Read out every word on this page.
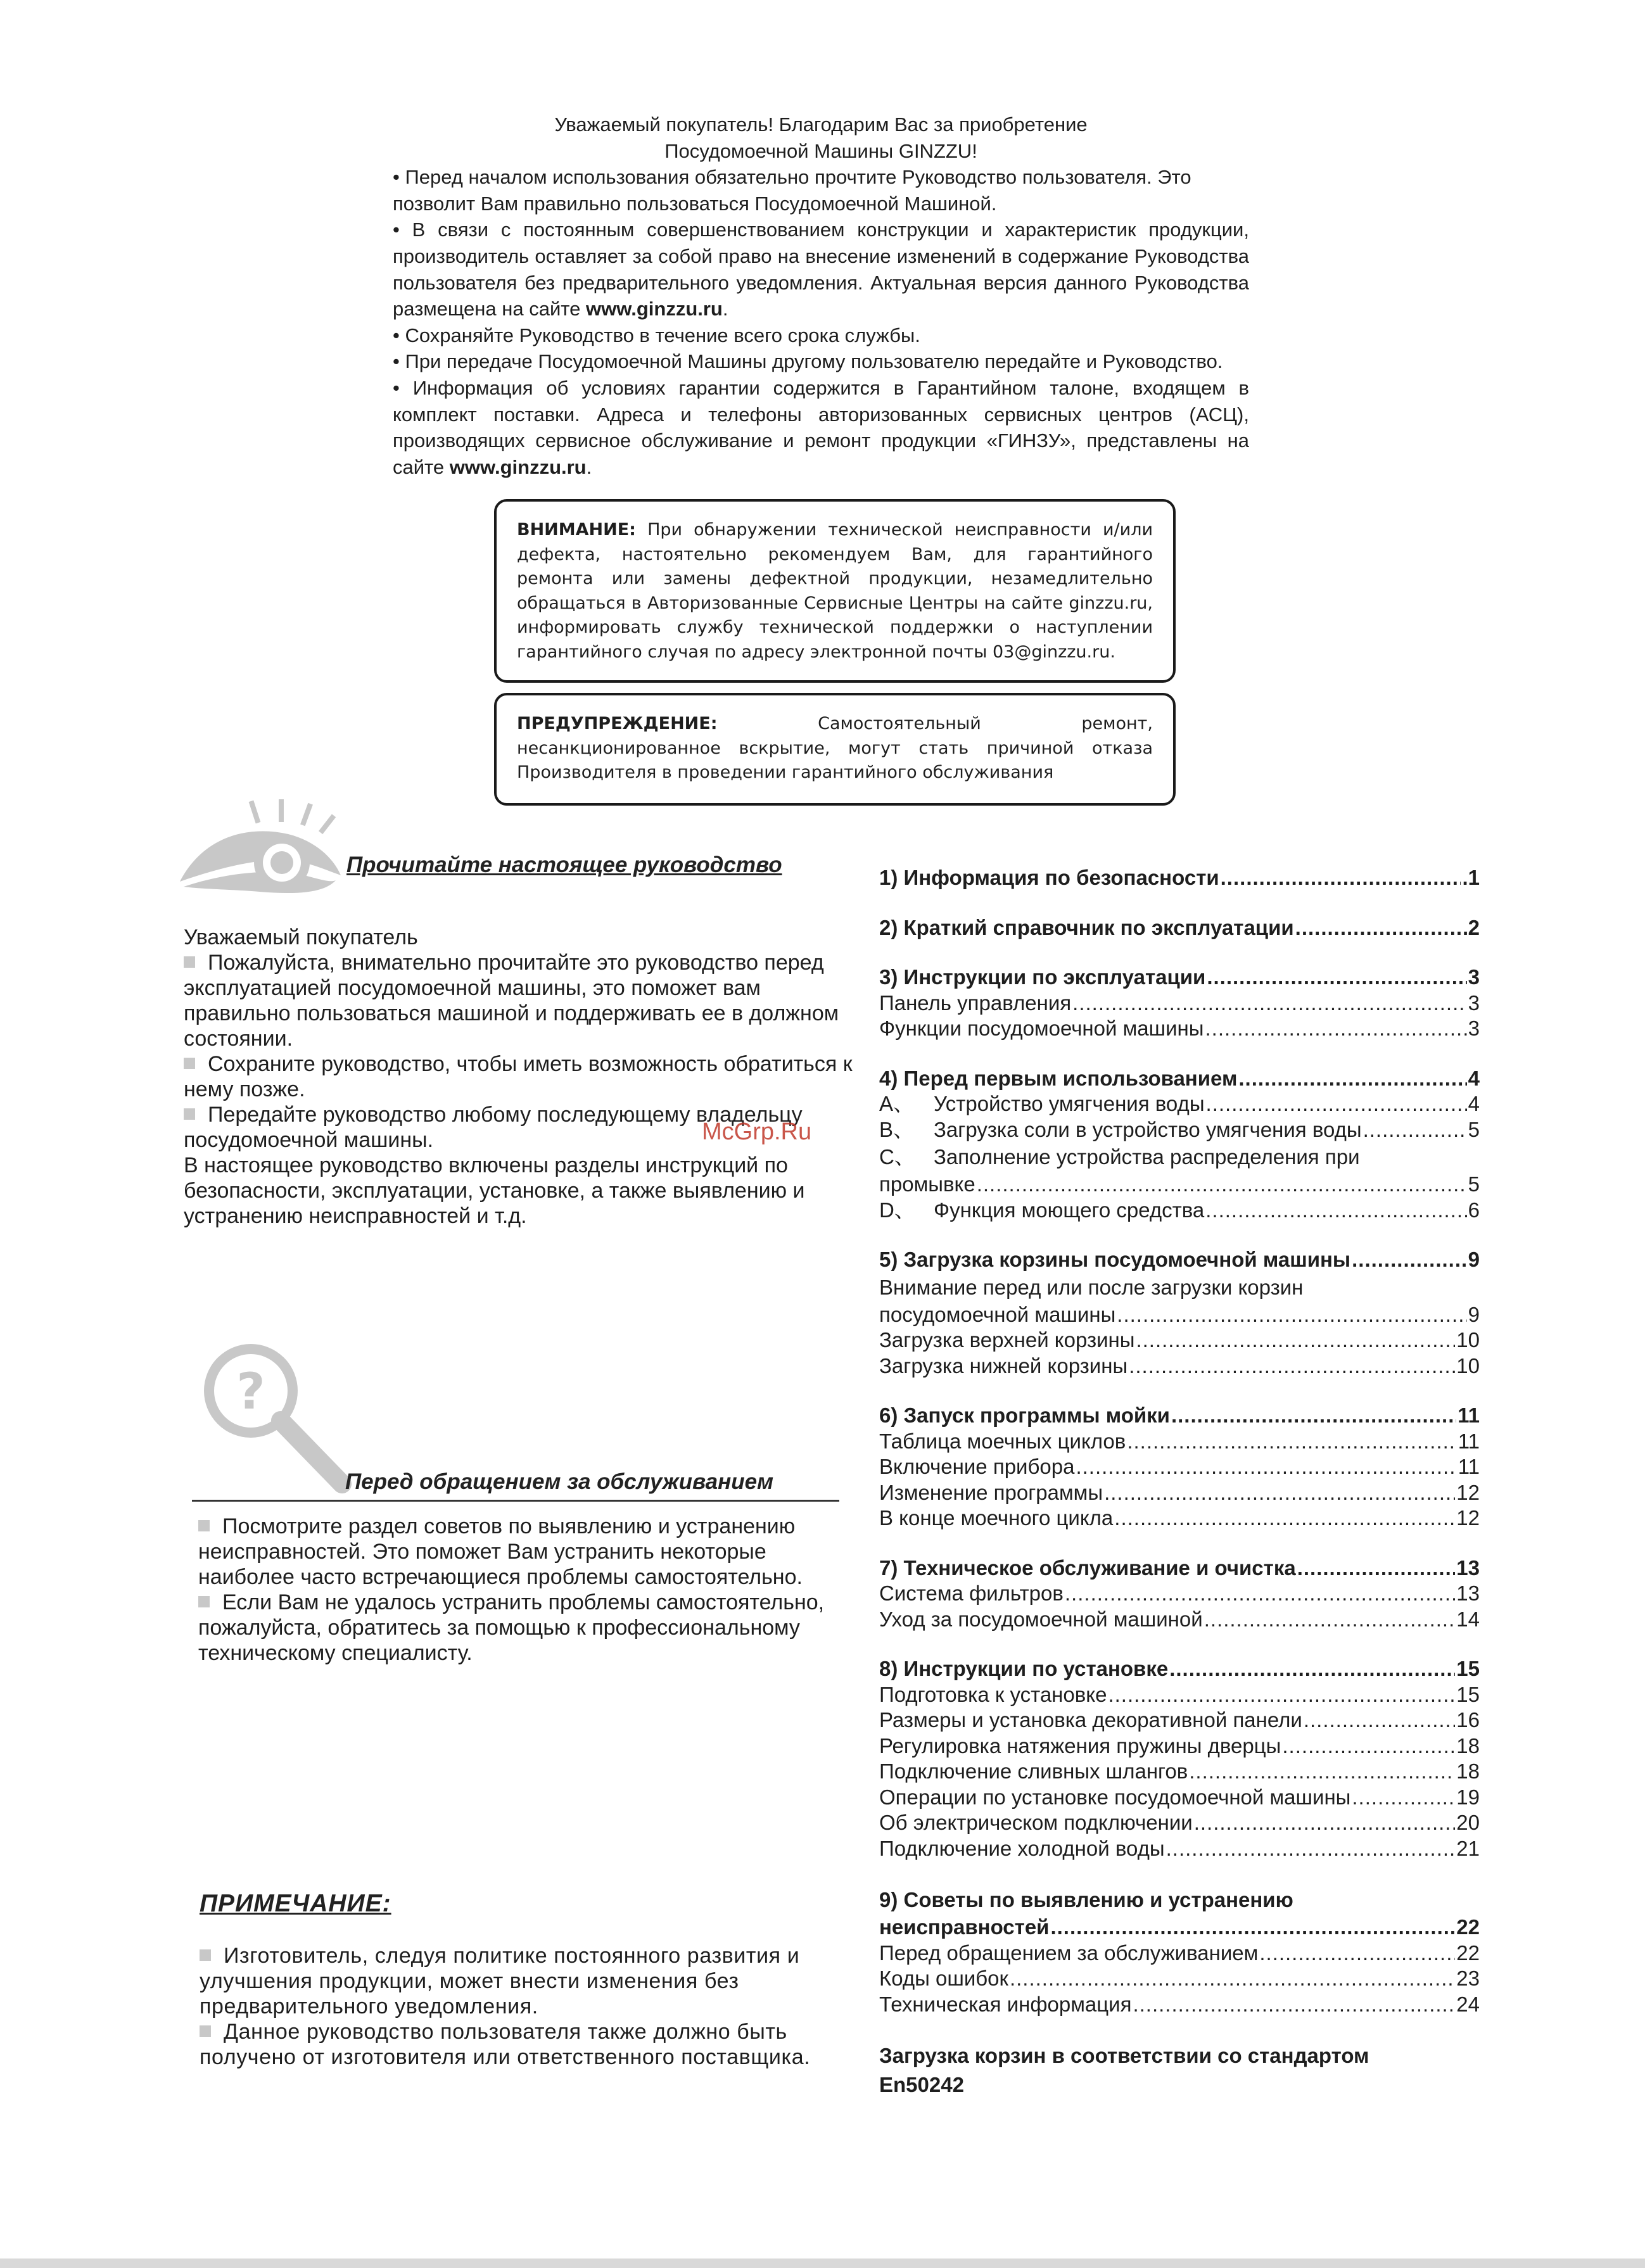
Уважаемый покупатель! Благодарим Вас за приобретение

Посудомоечной Машины GINZZU!

• Перед началом использования обязательно прочтите Руководство пользователя. Это позволит Вам правильно пользоваться Посудомоечной Машиной.

• В связи с постоянным совершенствованием конструкции и характеристик продукции, производитель оставляет за собой право на внесение изменений в содержание Руководства пользователя без предварительного уведомления. Актуальная версия данного Руководства размещена на сайте www.ginzzu.ru.

• Сохраняйте Руководство в течение всего срока службы.

• При передаче Посудомоечной Машины другому пользователю передайте и Руководство.

• Информация об условиях гарантии содержится в Гарантийном талоне, входящем в комплект поставки. Адреса и телефоны авторизованных сервисных центров (АСЦ), производящих сервисное обслуживание и ремонт продукции «ГИНЗУ», представлены на сайте www.ginzzu.ru.

ВНИМАНИЕ: При обнаружении технической неисправности и/или дефекта, настоятельно рекомендуем Вам, для гарантийного ремонта или замены дефектной продукции, незамедлительно обращаться в Авторизованные Сервисные Центры на сайте ginzzu.ru, информировать службу технической поддержки о наступлении гарантийного случая по адресу электронной почты 03@ginzzu.ru.

ПРЕДУПРЕЖДЕНИЕ:	Самостоятельный ремонт, несанкционированное вскрытие, могут стать причиной отказа Производителя в проведении гарантийного обслуживания

Прочитайте настоящее руководство

Уважаемый покупатель

Пожалуйста, внимательно прочитайте это руководство перед эксплуатацией посудомоечной машины, это поможет вам правильно пользоваться машиной и поддерживать ее в должном состоянии.

Сохраните руководство, чтобы иметь возможность обратиться к нему позже.

Передайте руководство любому последующему владельцу посудомоечной машины.

В настоящее руководство включены разделы инструкций по безопасности, эксплуатации, установке, а также выявлению и устранению неисправностей и т.д.

McGrp.Ru
?
Перед обращением за обслуживанием

Посмотрите раздел советов по выявлению и устранению неисправностей. Это поможет Вам устранить некоторые наиболее часто встречающиеся проблемы самостоятельно.

Если Вам не удалось устранить проблемы самостоятельно, пожалуйста, обратитесь за помощью к профессиональному техническому специалисту.

ПРИМЕЧАНИЕ:

Изготовитель, следуя политике постоянного развития и улучшения продукции, может внести изменения без предварительного уведомления.

Данное руководство пользователя также должно быть получено от изготовителя или ответственного поставщика.

1) Информация по безопасности .....	.1
2) Краткий справочник по эксплуатации .....	2
3) Инструкции по эксплуатации .....	3
Панель управления .....	3
Функции посудомоечной машины .....	3
4) Перед первым использованием .....	4
A、 Устройство умягчения воды .....	4
B、 Загрузка соли в устройство умягчения воды .....	5
C、 Заполнение устройства распределения при
промывке .....	5
D、 Функция моющего средства .....	6
5) Загрузка корзины посудомоечной машины .....	9
Внимание перед или после загрузки корзин
посудомоечной машины .....	9
Загрузка верхней корзины .....	10
Загрузка нижней корзины .....	10
6) Запуск программы мойки .....	11
Таблица моечных циклов .....	11
Включение прибора .....	11
Изменение программы .....	12
В конце моечного цикла .....	12
7) Техническое обслуживание и очистка .....	13
Система фильтров .....	13
Уход за посудомоечной машиной .....	14
8) Инструкции по установке .....	15
Подготовка к установке .....	15
Размеры и установка декоративной панели .....	16
Регулировка натяжения пружины дверцы .....	18
Подключение сливных шлангов .....	18
Операции по установке посудомоечной машины .....	19
Об электрическом подключении .....	20
Подключение холодной воды .....	21
9) Советы по выявлению и устранению
неисправностей .....	22
Перед обращением за обслуживанием .....	22
Коды ошибок .....	23
Техническая информация .....	24
Загрузка корзин в соответствии со стандартом
En50242
